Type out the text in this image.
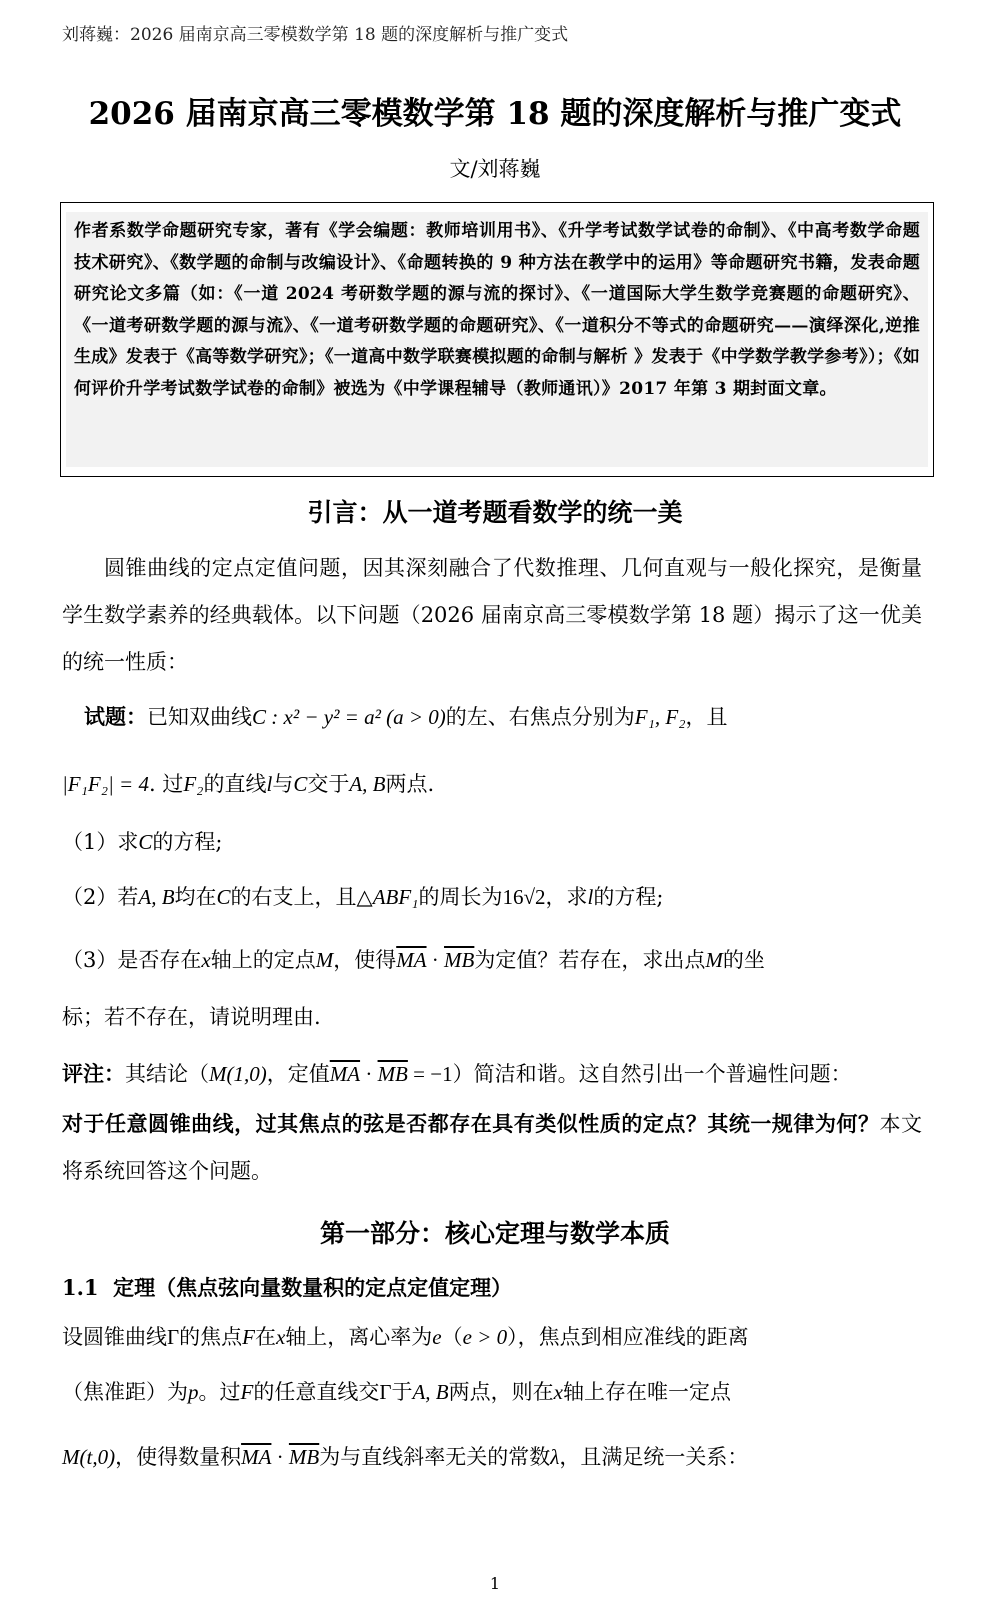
刘蒋巍：2026 届南京高三零模数学第 18 题的深度解析与推广变式
2026 届南京高三零模数学第 18 题的深度解析与推广变式
文/刘蒋巍
作者系数学命题研究专家，著有《学会编题：教师培训用书》、《升学考试数学试卷的命制》、《中高考数学命题技术研究》、《数学题的命制与改编设计》、《命题转换的 9 种方法在教学中的运用》等命题研究书籍，发表命题研究论文多篇（如：《一道 2024 考研数学题的源与流的探讨》、《一道国际大学生数学竞赛题的命题研究》、《一道考研数学题的源与流》、《一道考研数学题的命题研究》、《一道积分不等式的命题研究——演绎深化,逆推生成》发表于《高等数学研究》；《一道高中数学联赛模拟题的命制与解析 》发表于《中学数学教学参考》）；《如何评价升学考试数学试卷的命制》被选为《中学课程辅导（教师通讯）》2017 年第 3 期封面文章。
引言：从一道考题看数学的统一美
圆锥曲线的定点定值问题，因其深刻融合了代数推理、几何直观与一般化探究，是衡量学生数学素养的经典载体。以下问题（2026 届南京高三零模数学第 18 题）揭示了这一优美的统一性质：
试题：已知双曲线C : x² − y² = a² (a > 0)的左、右焦点分别为F₁, F₂，且
|F₁F₂| = 4. 过F₂的直线l与C交于A, B两点.
（1）求C的方程;
（2）若A, B均在C的右支上，且△ABF₁的周长为16√2，求l的方程;
（3）是否存在x轴上的定点M，使得$\overline{MA} \cdot \overline{MB}$为定值？若存在，求出点M的坐
标；若不存在，请说明理由.
评注：其结论（M(1,0)，定值$\overline{MA} \cdot \overline{MB} = -1$）简洁和谐。这自然引出一个普遍性问题：
对于任意圆锥曲线，过其焦点的弦是否都存在具有类似性质的定点？其统一规律为何？本文将系统回答这个问题。
第一部分：核心定理与数学本质
1.1 定理（焦点弦向量数量积的定点定值定理）
设圆锥曲线Γ的焦点F在x轴上，离心率为e（e > 0），焦点到相应准线的距离
（焦准距）为p。过F的任意直线交Γ于A, B两点，则在x轴上存在唯一定点
M(t,0)，使得数量积$\overline{MA} \cdot \overline{MB}$为与直线斜率无关的常数λ，且满足统一关系：
1
